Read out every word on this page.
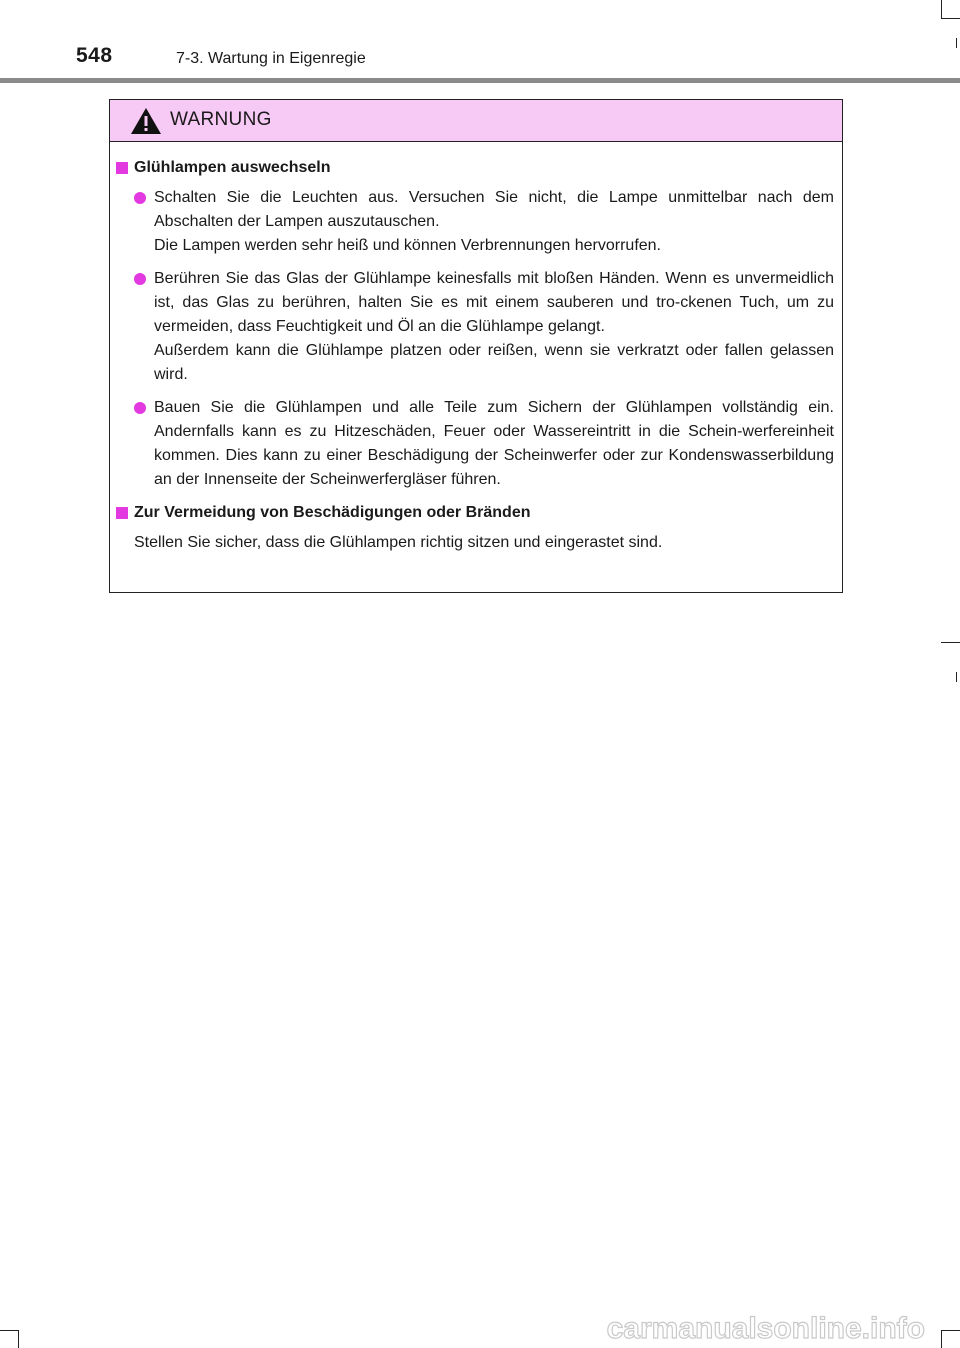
548	7-3. Wartung in Eigenregie
WARNUNG
Glühlampen auswechseln

Schalten Sie die Leuchten aus. Versuchen Sie nicht, die Lampe unmittelbar nach dem Abschalten der Lampen auszutauschen.

Die Lampen werden sehr heiß und können Verbrennungen hervorrufen.

Berühren Sie das Glas der Glühlampe keinesfalls mit bloßen Händen. Wenn es unvermeidlich ist, das Glas zu berühren, halten Sie es mit einem sauberen und tro-ckenen Tuch, um zu vermeiden, dass Feuchtigkeit und Öl an die Glühlampe gelangt.

Außerdem kann die Glühlampe platzen oder reißen, wenn sie verkratzt oder fallen gelassen wird.

Bauen Sie die Glühlampen und alle Teile zum Sichern der Glühlampen vollständig ein. Andernfalls kann es zu Hitzeschäden, Feuer oder Wassereintritt in die Schein-werfereinheit kommen. Dies kann zu einer Beschädigung der Scheinwerfer oder zur Kondenswasserbildung an der Innenseite der Scheinwerfergläser führen.

Zur Vermeidung von Beschädigungen oder Bränden

Stellen Sie sicher, dass die Glühlampen richtig sitzen und eingerastet sind.

carmanualsonline.info
